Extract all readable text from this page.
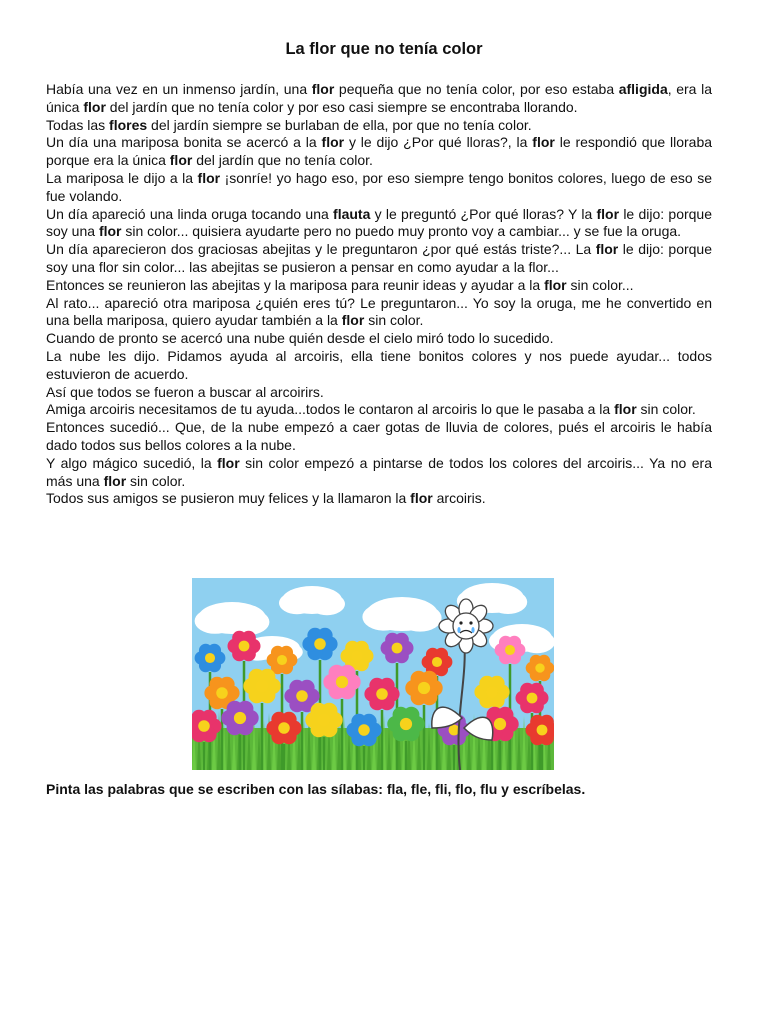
La flor que no tenía color

Había una vez en un inmenso jardín, una flor pequeña que no tenía color, por eso estaba afligida, era la única flor del jardín que no tenía color y por eso casi siempre se encontraba llorando.

Todas las flores del jardín siempre se burlaban de ella, por que no tenía color.

Un día una mariposa bonita se acercó a la flor y le dijo ¿Por qué lloras?, la flor le respondió que lloraba porque era la única flor del jardín que no tenía color.

La mariposa le dijo a la flor ¡sonríe! yo hago eso, por eso siempre tengo bonitos colores, luego de eso se fue volando.

Un día apareció una linda oruga tocando una flauta y le preguntó ¿Por qué lloras? Y la flor le dijo: porque soy una flor sin color... quisiera ayudarte pero no puedo muy pronto voy a cambiar... y se fue la oruga.

Un día aparecieron dos graciosas abejitas y le preguntaron ¿por qué estás triste?... La flor le dijo: porque soy una flor sin color... las abejitas se pusieron a pensar en como ayudar a la flor...

Entonces se reunieron las abejitas y la mariposa para reunir ideas y ayudar a la flor sin color...

Al rato... apareció otra mariposa ¿quién eres tú? Le preguntaron... Yo soy la oruga, me he convertido en una bella mariposa, quiero ayudar también a la flor sin color.

Cuando de pronto se acercó una nube quién desde el cielo miró todo lo sucedido.

La nube les dijo. Pidamos ayuda al arcoiris, ella tiene bonitos colores y nos puede ayudar... todos estuvieron de acuerdo.

Así que todos se fueron a buscar al arcoirirs.

Amiga arcoiris necesitamos de tu ayuda...todos le contaron al arcoiris lo que le pasaba a la flor sin color.

Entonces sucedió... Que, de la nube empezó a caer gotas de lluvia de colores, pués el arcoiris le había dado todos sus bellos colores a la nube.

Y algo mágico sucedió, la flor sin color empezó a pintarse de todos los colores del arcoiris... Ya no era más una flor sin color.

Todos sus amigos se pusieron muy felices y la llamaron la flor arcoiris.

Pinta las palabras que se escriben con las sílabas: fla, fle, fli, flo, flu y escríbelas.
